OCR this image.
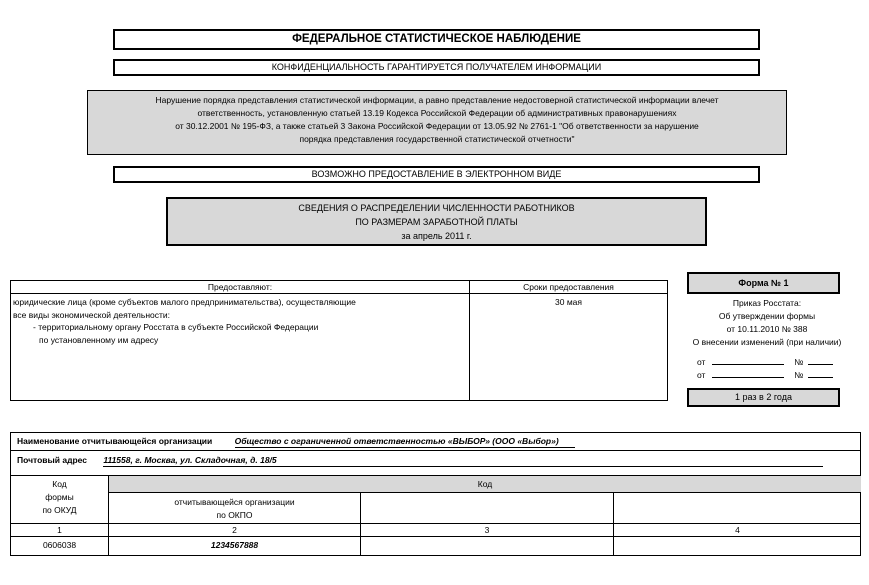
ФЕДЕРАЛЬНОЕ СТАТИСТИЧЕСКОЕ НАБЛЮДЕНИЕ
КОНФИДЕНЦИАЛЬНОСТЬ ГАРАНТИРУЕТСЯ ПОЛУЧАТЕЛЕМ ИНФОРМАЦИИ
Нарушение порядка представления статистической информации, а равно представление недостоверной статистической информации влечет
ответственность, установленную статьей 13.19 Кодекса Российской Федерации об административных правонарушениях
от 30.12.2001 № 195-ФЗ, а также статьей 3 Закона Российской Федерации от 13.05.92 № 2761-1 "Об ответственности за нарушение
порядка представления государственной статистической отчетности"
ВОЗМОЖНО ПРЕДОСТАВЛЕНИЕ В ЭЛЕКТРОННОМ ВИДЕ
СВЕДЕНИЯ О РАСПРЕДЕЛЕНИИ ЧИСЛЕННОСТИ РАБОТНИКОВ
ПО РАЗМЕРАМ ЗАРАБОТНОЙ ПЛАТЫ
за апрель 2011 г.
Предоставляют:	Сроки предоставления
юридические лица (кроме субъектов малого предпринимательства), осуществляющие
все виды экономической деятельности:
- территориальному органу Росстата в субъекте Российской Федерации
по установленному им адресу
30 мая
Форма № 1
Приказ Росстата:
Об утверждении формы
от 10.11.2010 № 388
О внесении изменений (при наличии)
от	№
от	№
1 раз в 2 года
Наименование отчитывающейся организации	Общество с ограниченной ответственностью «ВЫБОР» (ООО «Выбор»)
Почтовый адрес 111558, г. Москва, ул. Складочная, д. 18/5
Код
формы
по ОКУД
Код
отчитывающейся организации
по ОКПО
1	2	3	4
0606038	1234567888
